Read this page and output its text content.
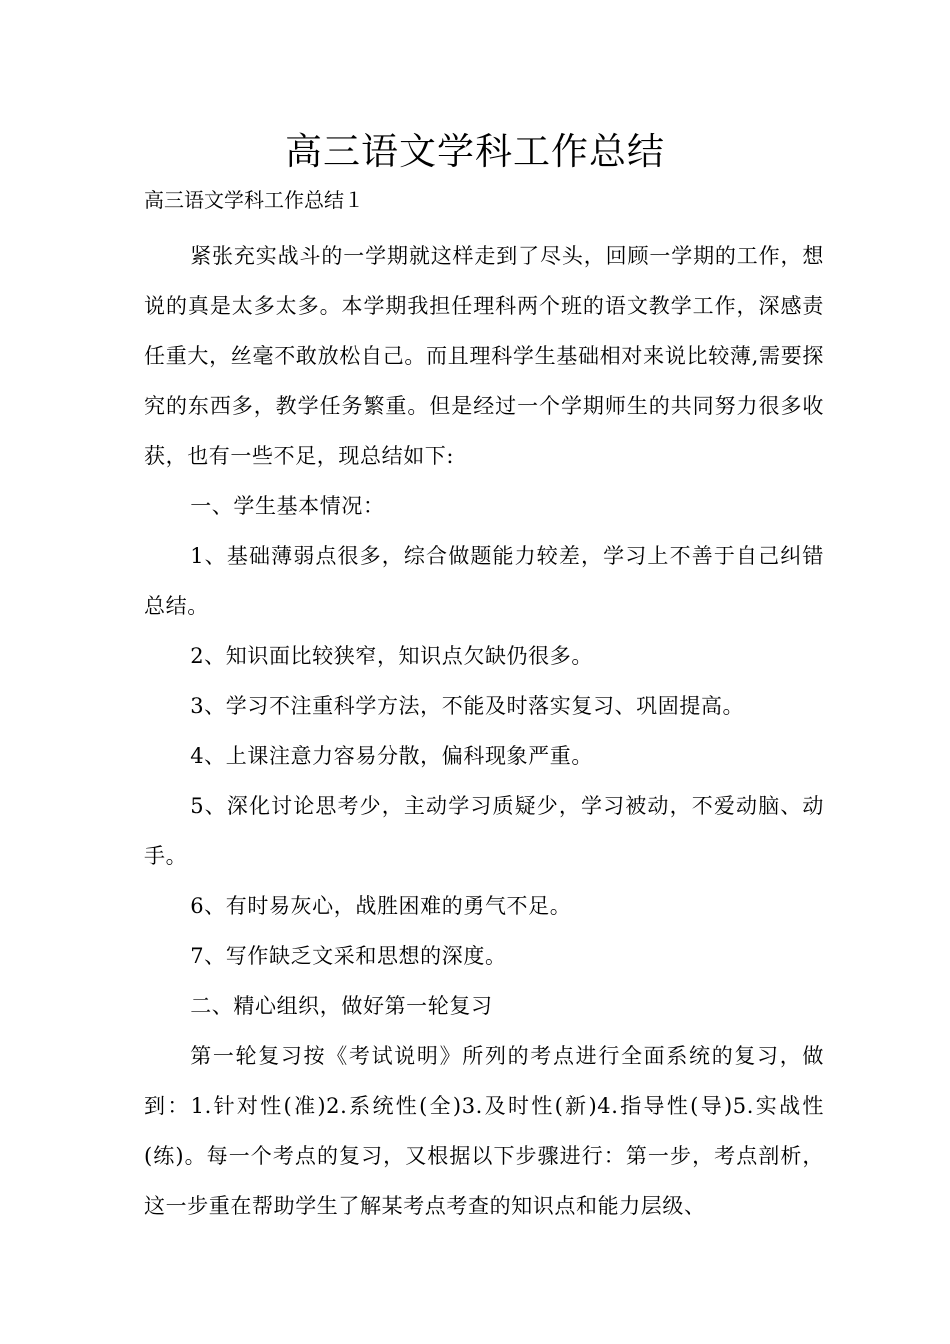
高三语文学科工作总结
高三语文学科工作总结１

紧张充实战斗的一学期就这样走到了尽头，回顾一学期的工作，想说的真是太多太多。本学期我担任理科两个班的语文教学工作，深感责任重大，丝毫不敢放松自己。而且理科学生基础相对来说比较薄,需要探究的东西多，教学任务繁重。但是经过一个学期师生的共同努力很多收获，也有一些不足，现总结如下:

一、学生基本情况：

1、基础薄弱点很多，综合做题能力较差，学习上不善于自己纠错总结。

2、知识面比较狭窄，知识点欠缺仍很多。

3、学习不注重科学方法，不能及时落实复习、巩固提高。

4、上课注意力容易分散，偏科现象严重。

5、深化讨论思考少，主动学习质疑少，学习被动，不爱动脑、动手。

6、有时易灰心，战胜困难的勇气不足。

7、写作缺乏文采和思想的深度。

二、精心组织，做好第一轮复习

第一轮复习按《考试说明》所列的考点进行全面系统的复习，做到：1.针对性(准)2.系统性(全)3.及时性(新)4.指导性(导)5.实战性(练)。每一个考点的复习，又根据以下步骤进行：第一步，考点剖析，这一步重在帮助学生了解某考点考查的知识点和能力层级、
